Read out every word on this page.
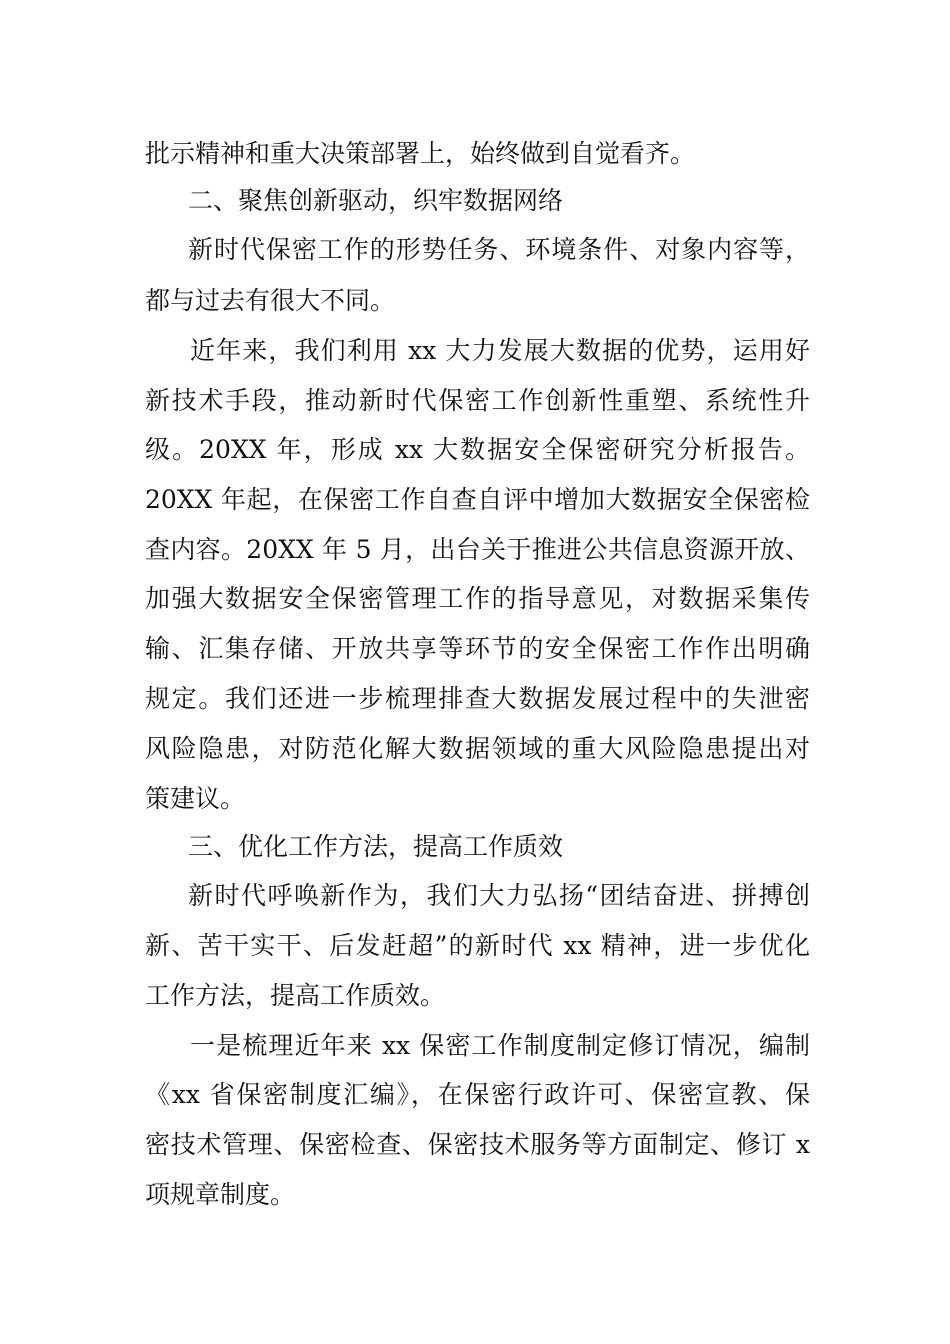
批示精神和重大决策部署上，始终做到自觉看齐。
二、聚焦创新驱动，织牢数据网络
新时代保密工作的形势任务、环境条件、对象内容等，
都与过去有很大不同。
近年来，我们利用 xx 大力发展大数据的优势，运用好
新技术手段，推动新时代保密工作创新性重塑、系统性升
级。20XX 年，形成 xx 大数据安全保密研究分析报告。
20XX 年起，在保密工作自查自评中增加大数据安全保密检
查内容。20XX 年 5 月，出台关于推进公共信息资源开放、
加强大数据安全保密管理工作的指导意见，对数据采集传
输、汇集存储、开放共享等环节的安全保密工作作出明确
规定。我们还进一步梳理排查大数据发展过程中的失泄密
风险隐患，对防范化解大数据领域的重大风险隐患提出对
策建议。
三、优化工作方法，提高工作质效
新时代呼唤新作为，我们大力弘扬“团结奋进、拼搏创
新、苦干实干、后发赶超”的新时代 xx 精神，进一步优化
工作方法，提高工作质效。
一是梳理近年来 xx 保密工作制度制定修订情况，编制
《xx 省保密制度汇编》，在保密行政许可、保密宣教、保
密技术管理、保密检查、保密技术服务等方面制定、修订 x
项规章制度。
